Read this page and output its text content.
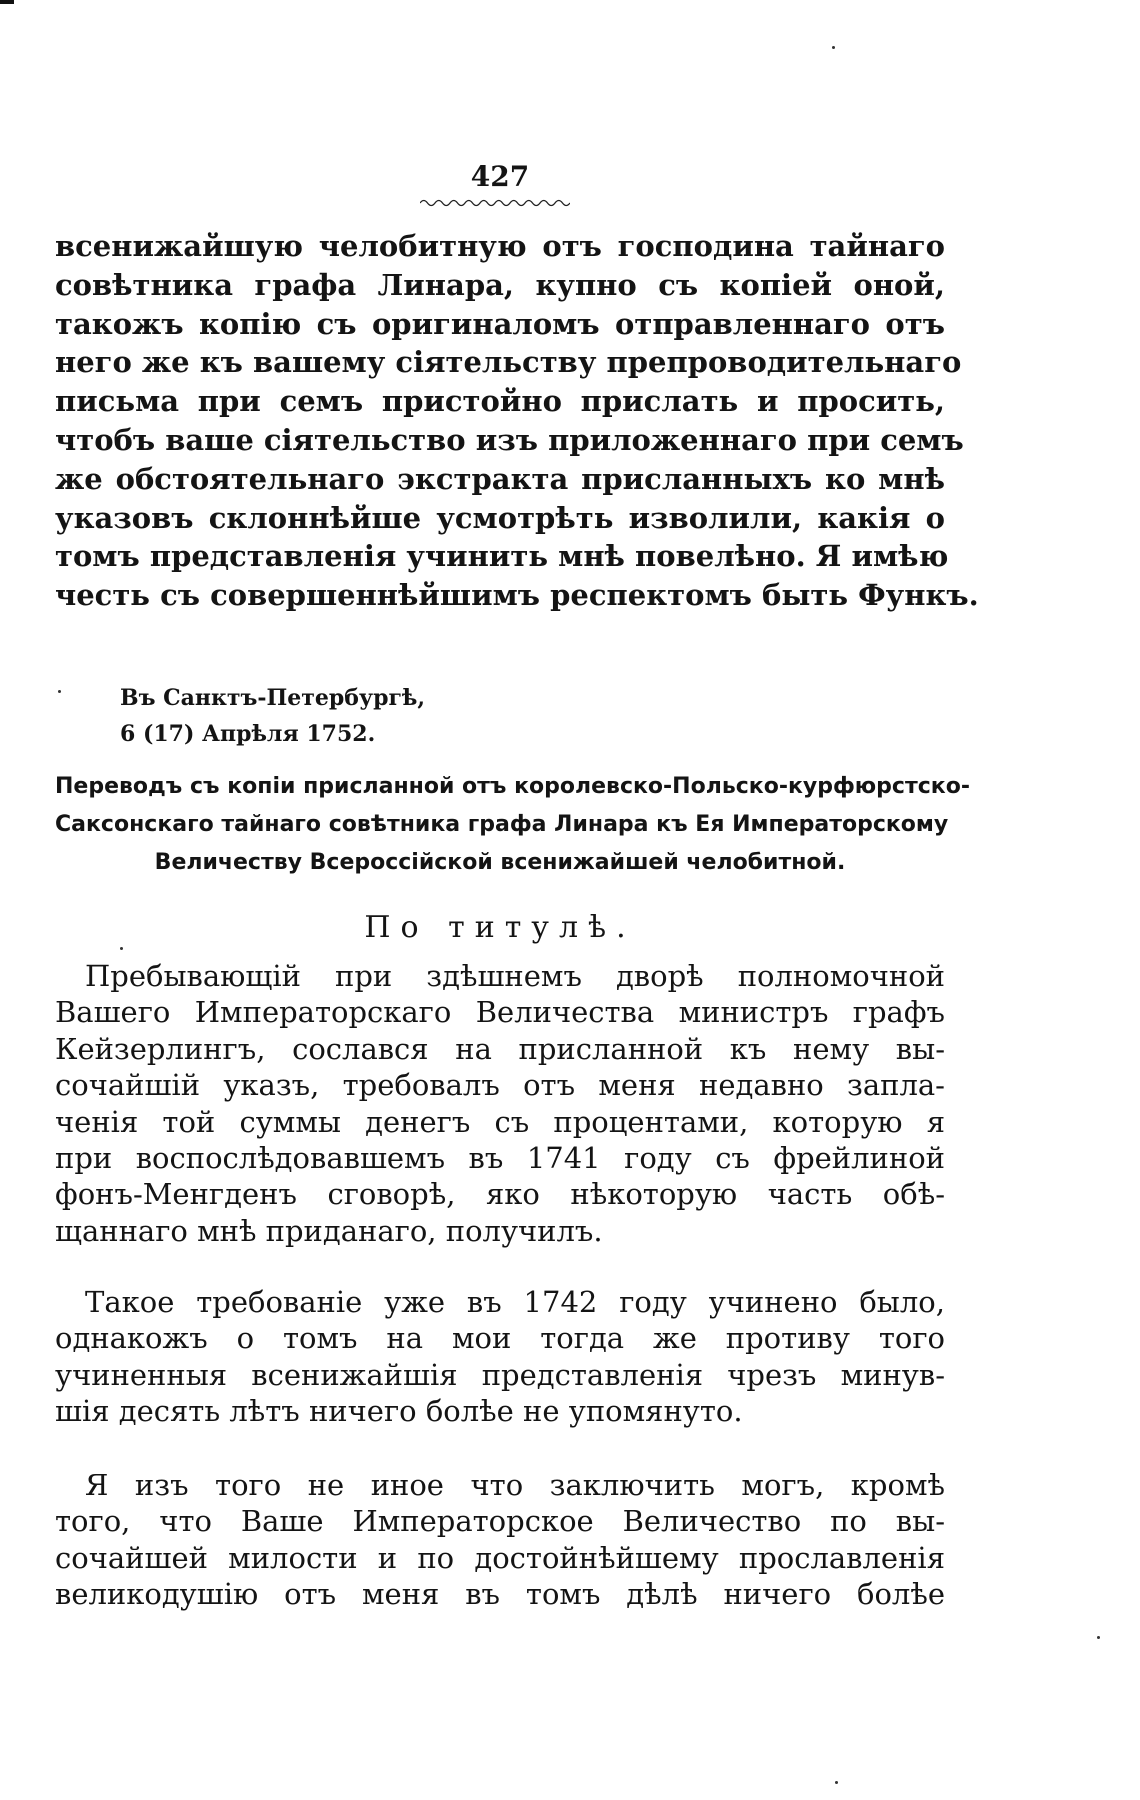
427
всенижайшую челобитную отъ господина тайнаго
совѣтника графа Линара, купно съ копіей оной,
такожъ копію съ оригиналомъ отправленнаго отъ
него же къ вашему сіятельству препроводительнаго
письма при семъ пристойно прислать и просить,
чтобъ ваше сіятельство изъ приложеннаго при семъ
же обстоятельнаго экстракта присланныхъ ко мнѣ
указовъ склоннѣйше усмотрѣть изволили, какія о
томъ представленія учинить мнѣ повелѣно. Я имѣю
честь съ совершеннѣйшимъ респектомъ быть Функъ.
Въ Санктъ-Петербургѣ,
6 (17) Апрѣля 1752.
Переводъ съ копіи присланной отъ королевско-Польско-курфюрстско-
Саксонскаго тайнаго совѣтника графа Линара къ Ея Императорскому
Величеству Всероссійской всенижайшей челобитной.
По титулѣ.
Пребывающій при здѣшнемъ дворѣ полномочной
Вашего Императорскаго Величества министръ графъ
Кейзерлингъ, сослався на присланной къ нему вы-
сочайшій указъ, требовалъ отъ меня недавно запла-
ченія той суммы денегъ съ процентами, которую я
при воспослѣдовавшемъ въ 1741 году съ фрейлиной
фонъ-Менгденъ сговорѣ, яко нѣкоторую часть обѣ-
щаннаго мнѣ приданаго, получилъ.
Такое требованіе уже въ 1742 году учинено было,
однакожъ о томъ на мои тогда же противу того
учиненныя всенижайшія представленія чрезъ минув-
шія десять лѣтъ ничего болѣе не упомянуто.
Я изъ того не иное что заключить могъ, кромѣ
того, что Ваше Императорское Величество по вы-
сочайшей милости и по достойнѣйшему прославленія
великодушію отъ меня въ томъ дѣлѣ ничего болѣе
